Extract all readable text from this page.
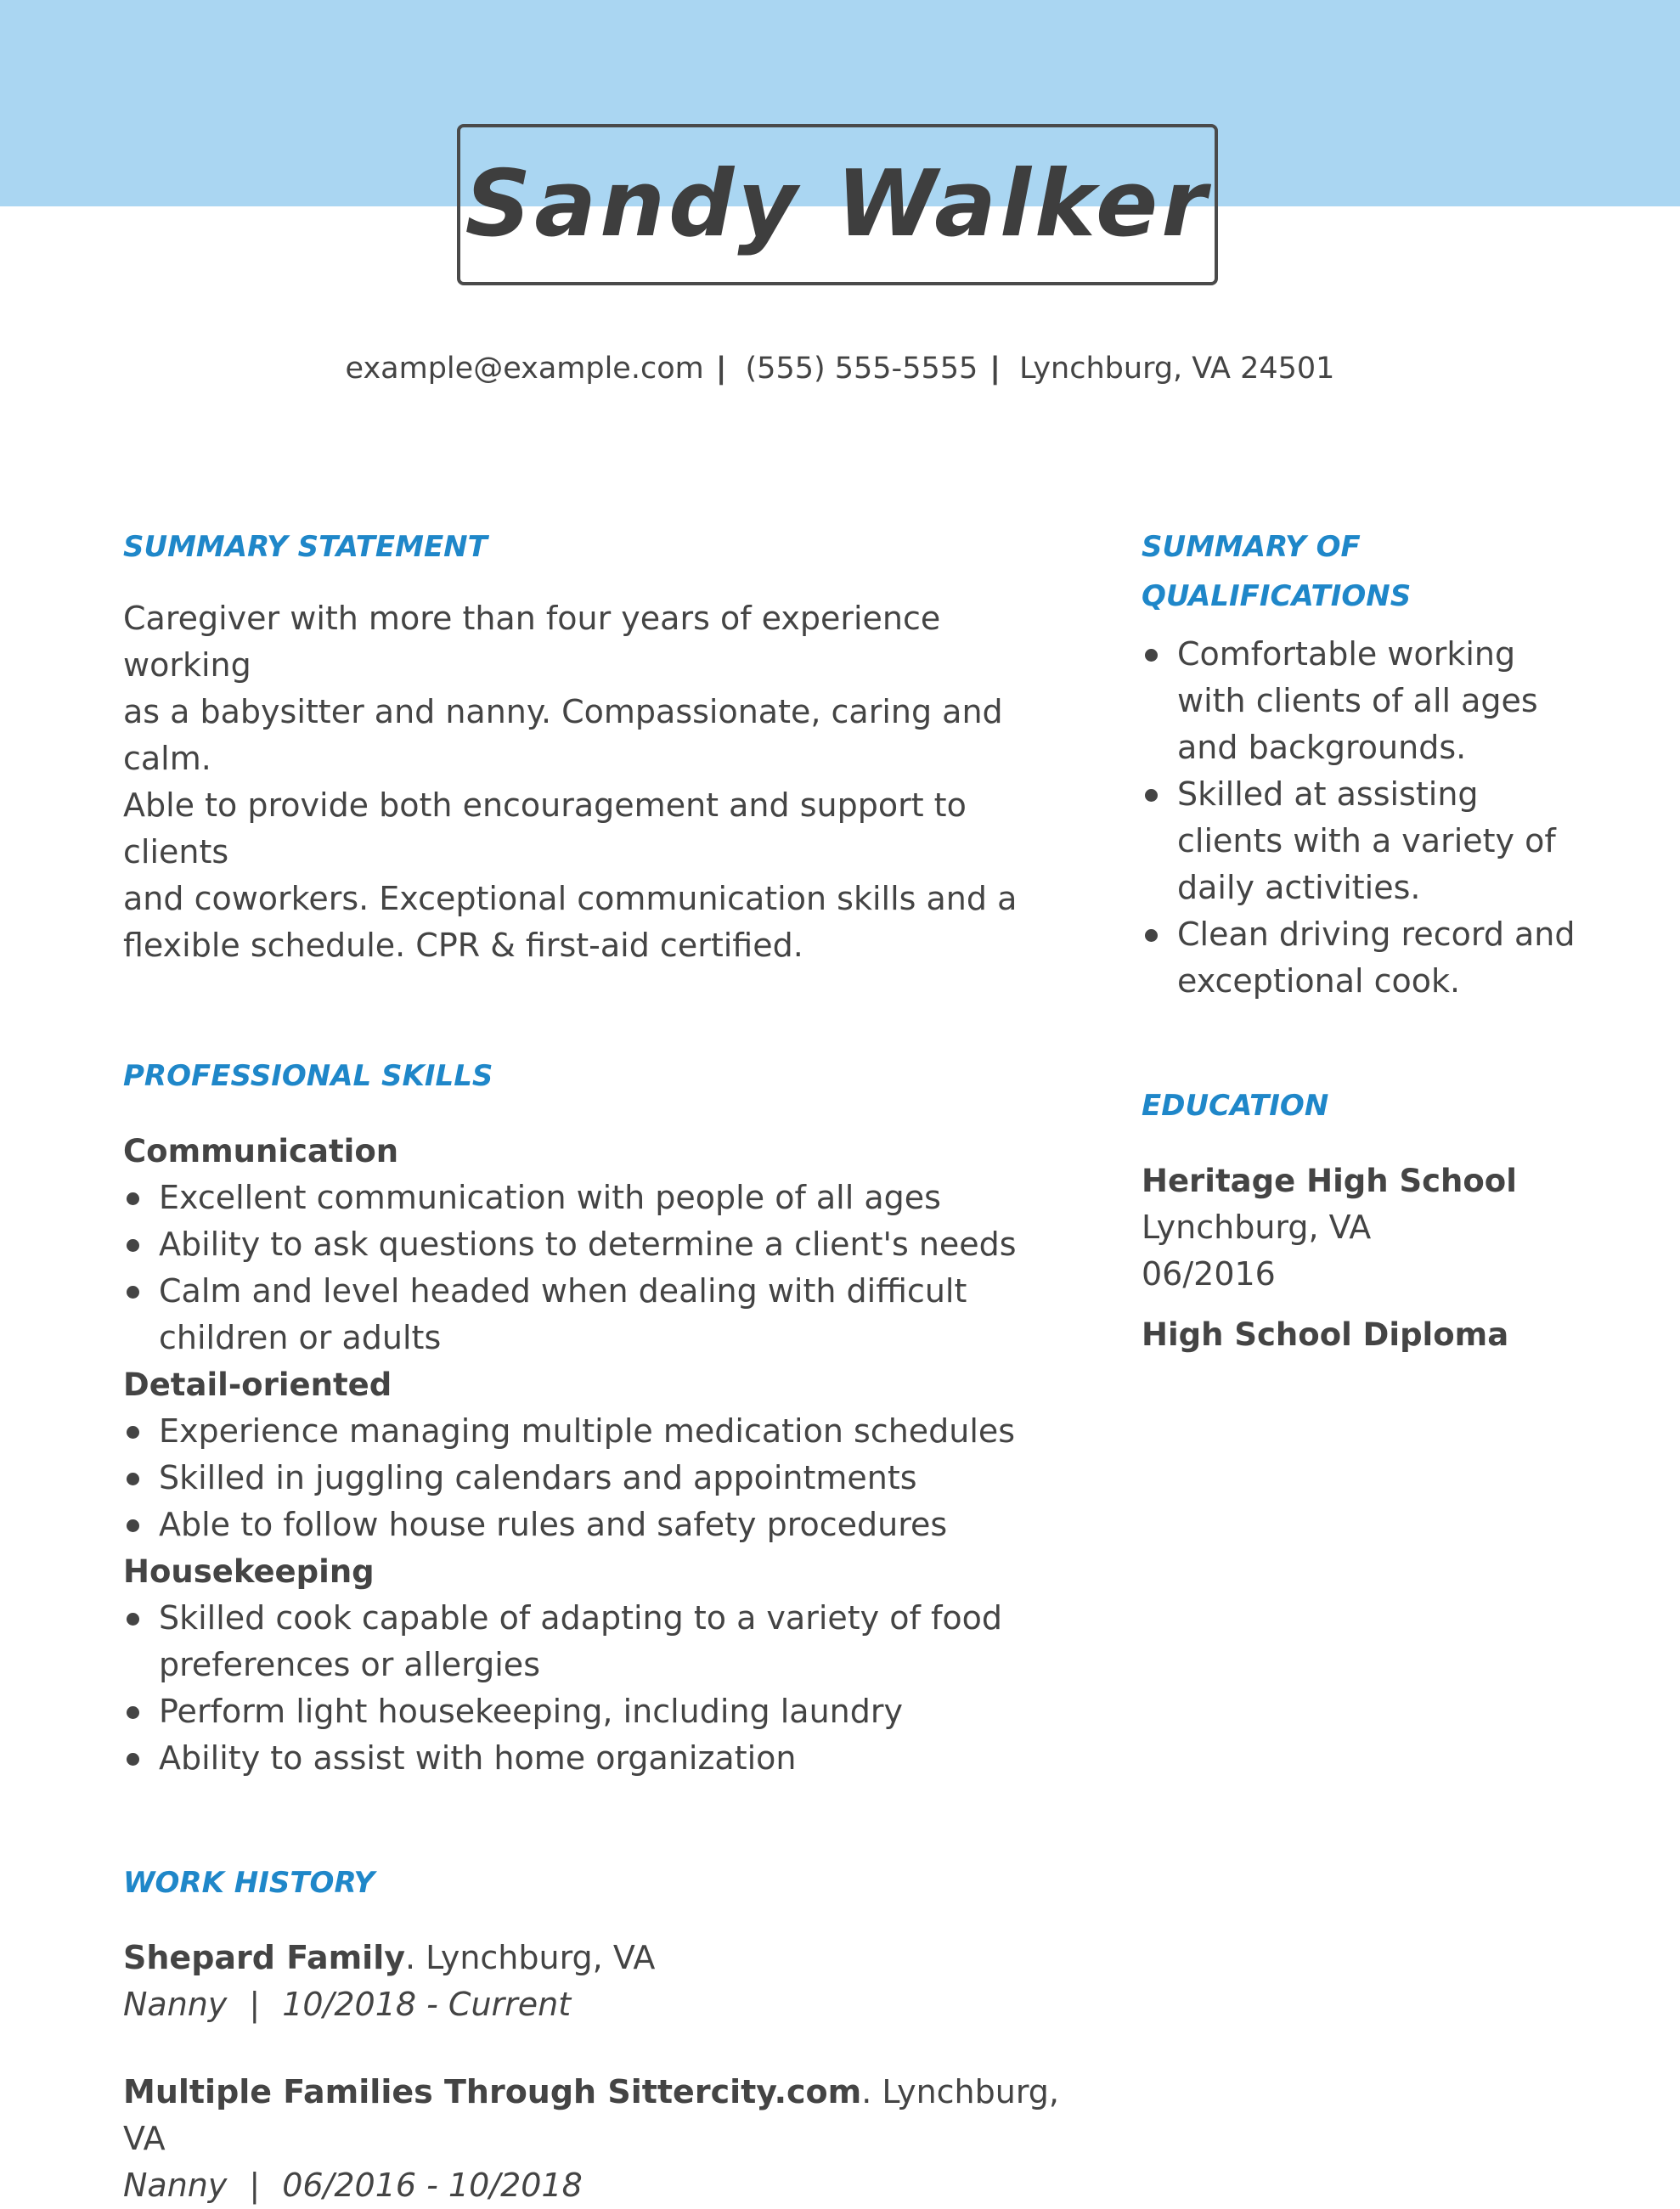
Sandy Walker
example@example.com | (555) 555-5555 | Lynchburg, VA 24501

SUMMARY STATEMENT

Caregiver with more than four years of experience working
as a babysitter and nanny. Compassionate, caring and calm.
Able to provide both encouragement and support to clients
and coworkers. Exceptional communication skills and a
flexible schedule. CPR & first-aid certified.

PROFESSIONAL SKILLS

Communication

Excellent communication with people of all ages
Ability to ask questions to determine a client's needs
Calm and level headed when dealing with difficult
children or adults

Detail-oriented

Experience managing multiple medication schedules
Skilled in juggling calendars and appointments
Able to follow house rules and safety procedures

Housekeeping

Skilled cook capable of adapting to a variety of food
preferences or allergies
Perform light housekeeping, including laundry
Ability to assist with home organization

WORK HISTORY

Shepard Family. Lynchburg, VA
Nanny | 10/2018 - Current
Multiple Families Through Sittercity.com. Lynchburg, VA
Nanny | 06/2016 - 10/2018

SUMMARY OF
QUALIFICATIONS

Comfortable working
with clients of all ages
and backgrounds.
Skilled at assisting
clients with a variety of
daily activities.
Clean driving record and
exceptional cook.

EDUCATION

Heritage High School

Lynchburg, VA

06/2016

High School Diploma
